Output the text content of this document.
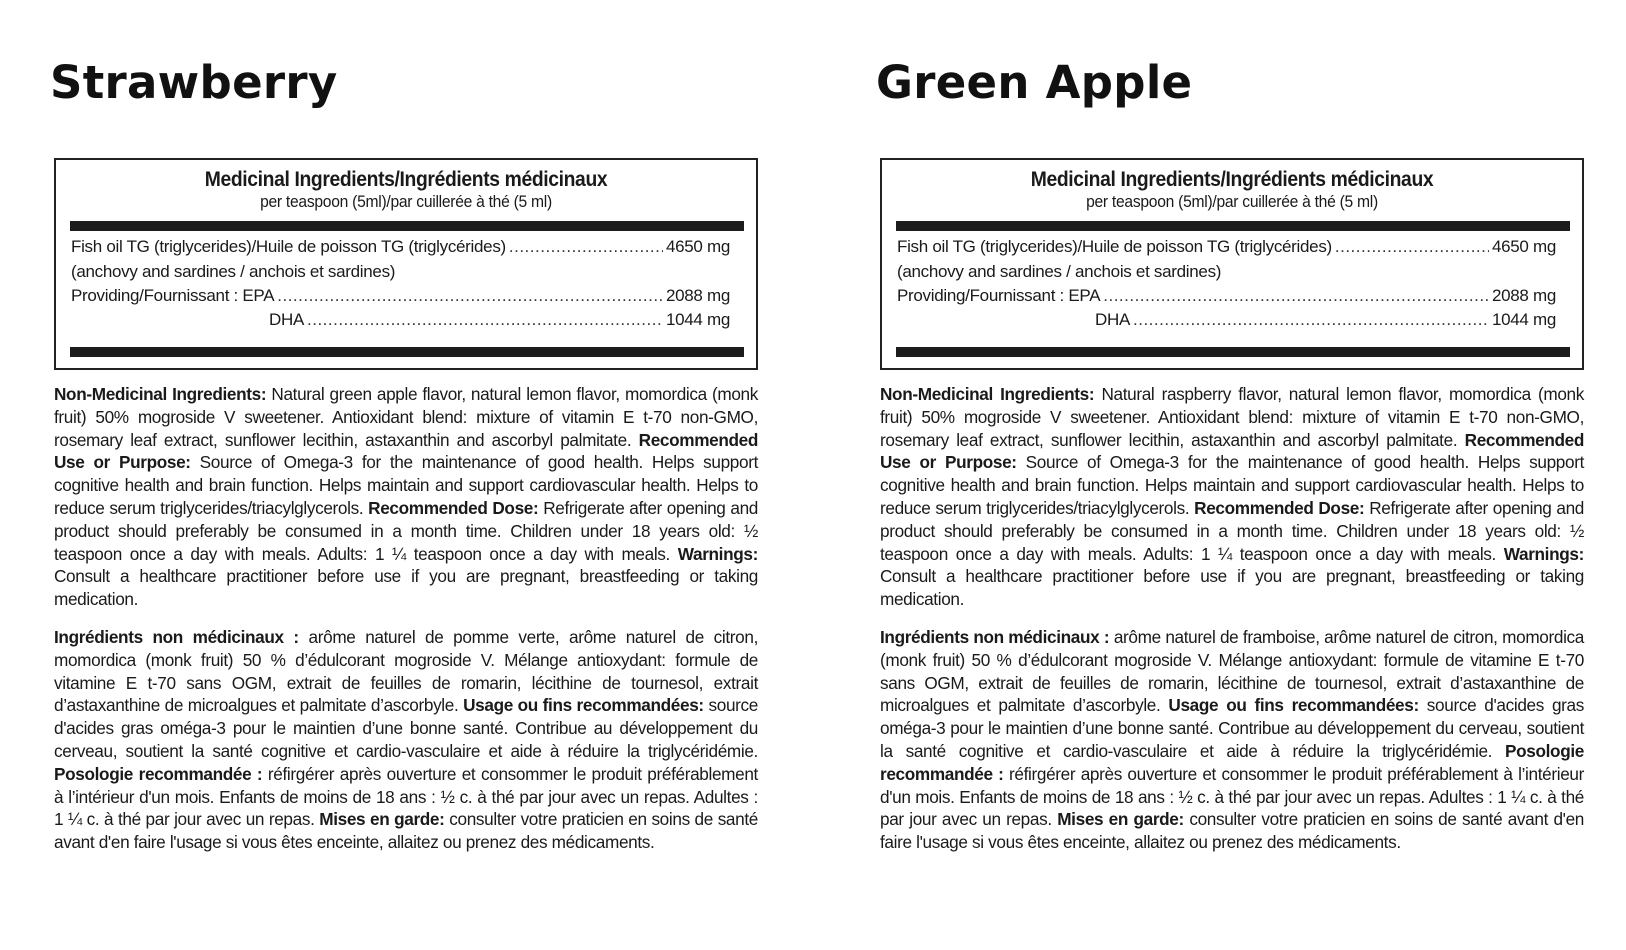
Strawberry
Medicinal Ingredients/Ingrédients médicinaux
per teaspoon (5ml)/par cuillerée à thé (5 ml)
Fish oil TG (triglycerides)/Huile de poisson TG (triglycérides) .....	4650 mg
(anchovy and sardines / anchois et sardines)
Providing/Fournissant : EPA .....	2088 mg
DHA .....	1044 mg

Non-Medicinal Ingredients: Natural green apple flavor, natural lemon flavor, momordica (monk fruit) 50% mogroside V sweetener. Antioxidant blend: mixture of vitamin E t-70 non-GMO, rosemary leaf extract, sunflower lecithin, astaxanthin and ascorbyl palmitate. Recommended Use or Purpose: Source of Omega-3 for the maintenance of good health. Helps support cognitive health and brain function. Helps maintain and support cardiovascular health. Helps to reduce serum triglycerides/triacylglycerols. Recommended Dose: Refrigerate after opening and product should preferably be consumed in a month time. Children under 18 years old: ½ teaspoon once a day with meals. Adults: 1 ¼ teaspoon once a day with meals. Warnings: Consult a healthcare practitioner before use if you are pregnant, breastfeeding or taking medication.

Ingrédients non médicinaux : arôme naturel de pomme verte, arôme naturel de citron, momordica (monk fruit) 50 % d’édulcorant mogroside V. Mélange antioxydant: formule de vitamine E t-70 sans OGM, extrait de feuilles de romarin, lécithine de tournesol, extrait d’astaxanthine de microalgues et palmitate d’ascorbyle. Usage ou fins recommandées: source d'acides gras oméga-3 pour le maintien d’une bonne santé. Contribue au développement du cerveau, soutient la santé cognitive et cardio-vasculaire et aide à réduire la triglycéridémie. Posologie recommandée : réfirgérer après ouverture et consommer le produit préférablement à l’intérieur d'un mois. Enfants de moins de 18 ans : ½ c. à thé par jour avec un repas. Adultes : 1 ¼ c. à thé par jour avec un repas. Mises en garde: consulter votre praticien en soins de santé avant d'en faire l'usage si vous êtes enceinte, allaitez ou prenez des médicaments.

Green Apple
Medicinal Ingredients/Ingrédients médicinaux
per teaspoon (5ml)/par cuillerée à thé (5 ml)
Fish oil TG (triglycerides)/Huile de poisson TG (triglycérides) .....	4650 mg
(anchovy and sardines / anchois et sardines)
Providing/Fournissant : EPA .....	2088 mg
DHA .....	1044 mg

Non-Medicinal Ingredients: Natural raspberry flavor, natural lemon flavor, momordica (monk fruit) 50% mogroside V sweetener. Antioxidant blend: mixture of vitamin E t-70 non-GMO, rosemary leaf extract, sunflower lecithin, astaxanthin and ascorbyl palmitate. Recommended Use or Purpose: Source of Omega-3 for the maintenance of good health. Helps support cognitive health and brain function. Helps maintain and support cardiovascular health. Helps to reduce serum triglycerides/triacylglycerols. Recommended Dose: Refrigerate after opening and product should preferably be consumed in a month time. Children under 18 years old: ½ teaspoon once a day with meals. Adults: 1 ¼ teaspoon once a day with meals. Warnings: Consult a healthcare practitioner before use if you are pregnant, breastfeeding or taking medication.

Ingrédients non médicinaux : arôme naturel de framboise, arôme naturel de citron, momordica (monk fruit) 50 % d’édulcorant mogroside V. Mélange antioxydant: formule de vitamine E t-70 sans OGM, extrait de feuilles de romarin, lécithine de tournesol, extrait d’astaxanthine de microalgues et palmitate d’ascorbyle. Usage ou fins recommandées: source d'acides gras oméga-3 pour le maintien d’une bonne santé. Contribue au développement du cerveau, soutient la santé cognitive et cardio-vasculaire et aide à réduire la triglycéridémie. Posologie recommandée : réfirgérer après ouverture et consommer le produit préférablement à l’intérieur d'un mois. Enfants de moins de 18 ans : ½ c. à thé par jour avec un repas. Adultes : 1 ¼ c. à thé par jour avec un repas. Mises en garde: consulter votre praticien en soins de santé avant d'en faire l'usage si vous êtes enceinte, allaitez ou prenez des médicaments.
